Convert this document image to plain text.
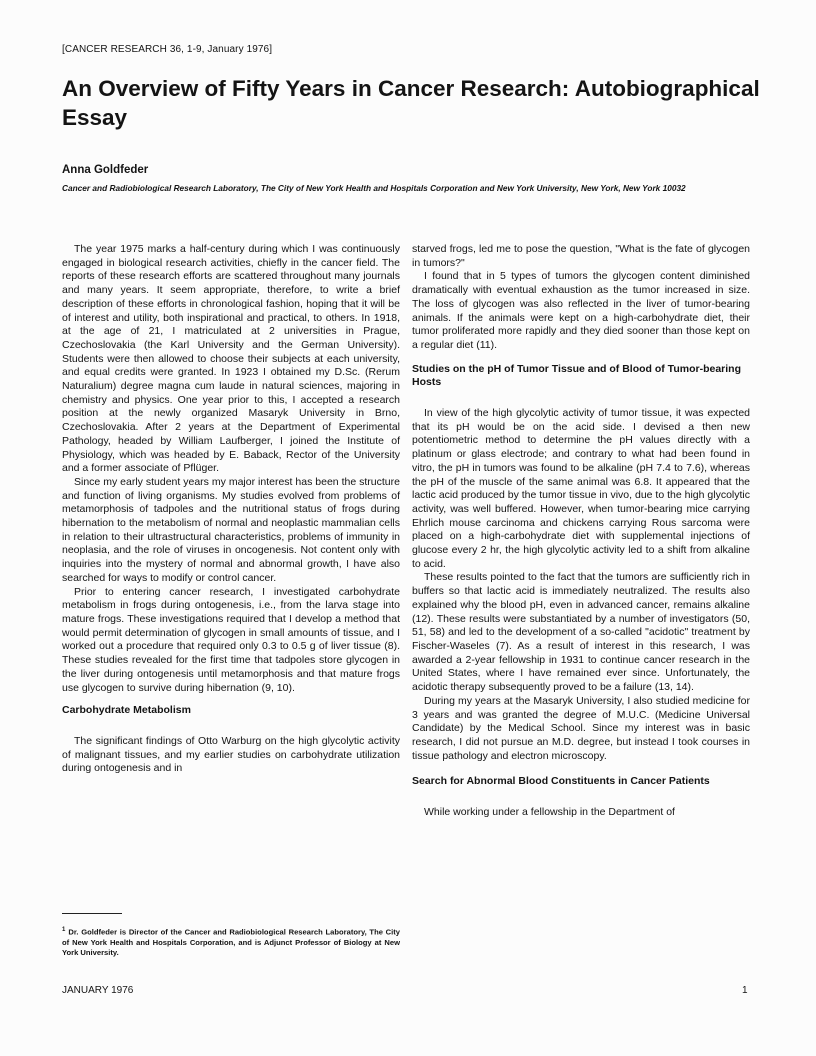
[CANCER RESEARCH 36, 1-9, January 1976]
An Overview of Fifty Years in Cancer Research: Autobiographical Essay
Anna Goldfeder
Cancer and Radiobiological Research Laboratory, The City of New York Health and Hospitals Corporation and New York University, New York, New York 10032

The year 1975 marks a half-century during which I was continuously engaged in biological research activities, chiefly in the cancer field. The reports of these research efforts are scattered throughout many journals and many years. It seem appropriate, therefore, to write a brief description of these efforts in chronological fashion, hoping that it will be of interest and utility, both inspirational and practical, to others. In 1918, at the age of 21, I matriculated at 2 universities in Prague, Czechoslovakia (the Karl University and the German University). Students were then allowed to choose their subjects at each university, and equal credits were granted. In 1923 I obtained my D.Sc. (Rerum Naturalium) degree magna cum laude in natural sciences, majoring in chemistry and physics. One year prior to this, I accepted a research position at the newly organized Masaryk University in Brno, Czechoslovakia. After 2 years at the Department of Experimental Pathology, headed by William Laufberger, I joined the Institute of Physiology, which was headed by E. Baback, Rector of the University and a former associate of Pflüger.

Since my early student years my major interest has been the structure and function of living organisms. My studies evolved from problems of metamorphosis of tadpoles and the nutritional status of frogs during hibernation to the metabolism of normal and neoplastic mammalian cells in relation to their ultrastructural characteristics, problems of immunity in neoplasia, and the role of viruses in oncogenesis. Not content only with inquiries into the mystery of normal and abnormal growth, I have also searched for ways to modify or control cancer.

Prior to entering cancer research, I investigated carbohydrate metabolism in frogs during ontogenesis, i.e., from the larva stage into mature frogs. These investigations required that I develop a method that would permit determination of glycogen in small amounts of tissue, and I worked out a procedure that required only 0.3 to 0.5 g of liver tissue (8). These studies revealed for the first time that tadpoles store glycogen in the liver during ontogenesis until metamorphosis and that mature frogs use glycogen to survive during hibernation (9, 10).

Carbohydrate Metabolism

The significant findings of Otto Warburg on the high glycolytic activity of malignant tissues, and my earlier studies on carbohydrate utilization during ontogenesis and in

$^1$ Dr. Goldfeder is Director of the Cancer and Radiobiological Research Laboratory, The City of New York Health and Hospitals Corporation, and is Adjunct Professor of Biology at New York University.

starved frogs, led me to pose the question, "What is the fate of glycogen in tumors?"

I found that in 5 types of tumors the glycogen content diminished dramatically with eventual exhaustion as the tumor increased in size. The loss of glycogen was also reflected in the liver of tumor-bearing animals. If the animals were kept on a high-carbohydrate diet, their tumor proliferated more rapidly and they died sooner than those kept on a regular diet (11).

Studies on the pH of Tumor Tissue and of Blood of Tumor-bearing Hosts

In view of the high glycolytic activity of tumor tissue, it was expected that its pH would be on the acid side. I devised a then new potentiometric method to determine the pH values directly with a platinum or glass electrode; and contrary to what had been found in vitro, the pH in tumors was found to be alkaline (pH 7.4 to 7.6), whereas the pH of the muscle of the same animal was 6.8. It appeared that the lactic acid produced by the tumor tissue in vivo, due to the high glycolytic activity, was well buffered. However, when tumor-bearing mice carrying Ehrlich mouse carcinoma and chickens carrying Rous sarcoma were placed on a high-carbohydrate diet with supplemental injections of glucose every 2 hr, the high glycolytic activity led to a shift from alkaline to acid.

These results pointed to the fact that the tumors are sufficiently rich in buffers so that lactic acid is immediately neutralized. The results also explained why the blood pH, even in advanced cancer, remains alkaline (12). These results were substantiated by a number of investigators (50, 51, 58) and led to the development of a so-called "acidotic" treatment by Fischer-Waseles (7). As a result of interest in this research, I was awarded a 2-year fellowship in 1931 to continue cancer research in the United States, where I have remained ever since. Unfortunately, the acidotic therapy subsequently proved to be a failure (13, 14).

During my years at the Masaryk University, I also studied medicine for 3 years and was granted the degree of M.U.C. (Medicine Universal Candidate) by the Medical School. Since my interest was in basic research, I did not pursue an M.D. degree, but instead I took courses in tissue pathology and electron microscopy.

Search for Abnormal Blood Constituents in Cancer Patients

While working under a fellowship in the Department of

JANUARY 1976	1
